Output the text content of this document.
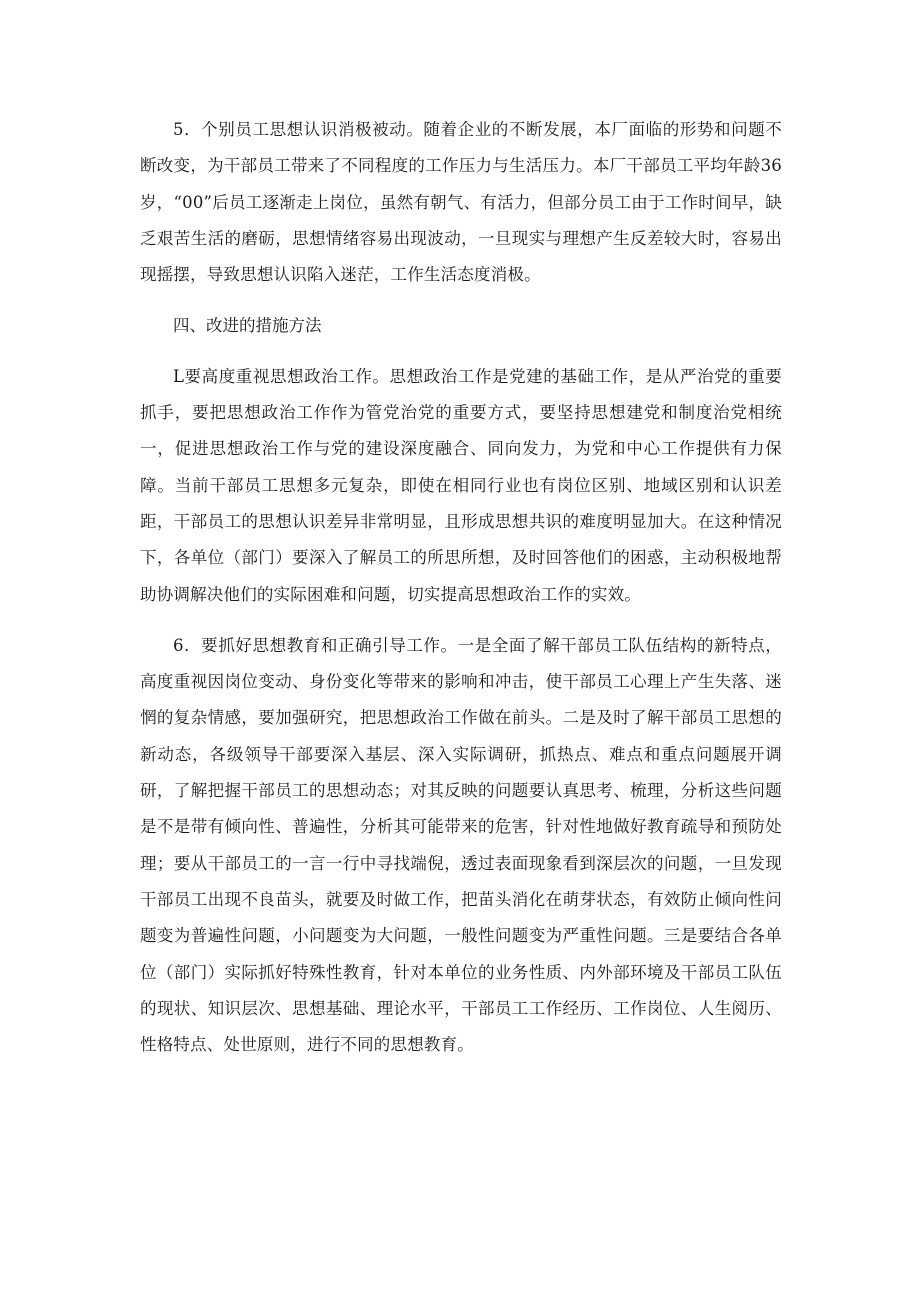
5．个别员工思想认识消极被动。随着企业的不断发展，本厂面临的形势和问题不断改变，为干部员工带来了不同程度的工作压力与生活压力。本厂干部员工平均年龄36岁，“00”后员工逐渐走上岗位，虽然有朝气、有活力，但部分员工由于工作时间早，缺乏艰苦生活的磨砺，思想情绪容易出现波动，一旦现实与理想产生反差较大时，容易出现摇摆，导致思想认识陷入迷茫，工作生活态度消极。

四、改进的措施方法

L要高度重视思想政治工作。思想政治工作是党建的基础工作，是从严治党的重要抓手，要把思想政治工作作为管党治党的重要方式，要坚持思想建党和制度治党相统一，促进思想政治工作与党的建设深度融合、同向发力，为党和中心工作提供有力保障。当前干部员工思想多元复杂，即使在相同行业也有岗位区别、地域区别和认识差距，干部员工的思想认识差异非常明显，且形成思想共识的难度明显加大。在这种情况下，各单位（部门）要深入了解员工的所思所想，及时回答他们的困惑，主动积极地帮助协调解决他们的实际困难和问题，切实提高思想政治工作的实效。

6．要抓好思想教育和正确引导工作。一是全面了解干部员工队伍结构的新特点，高度重视因岗位变动、身份变化等带来的影响和冲击，使干部员工心理上产生失落、迷惘的复杂情感，要加强研究，把思想政治工作做在前头。二是及时了解干部员工思想的新动态，各级领导干部要深入基层、深入实际调研，抓热点、难点和重点问题展开调研，了解把握干部员工的思想动态；对其反映的问题要认真思考、梳理，分析这些问题是不是带有倾向性、普遍性，分析其可能带来的危害，针对性地做好教育疏导和预防处理；要从干部员工的一言一行中寻找端倪，透过表面现象看到深层次的问题，一旦发现干部员工出现不良苗头，就要及时做工作，把苗头消化在萌芽状态，有效防止倾向性问题变为普遍性问题，小问题变为大问题，一般性问题变为严重性问题。三是要结合各单位（部门）实际抓好特殊性教育，针对本单位的业务性质、内外部环境及干部员工队伍的现状、知识层次、思想基础、理论水平，干部员工工作经历、工作岗位、人生阅历、性格特点、处世原则，进行不同的思想教育。
